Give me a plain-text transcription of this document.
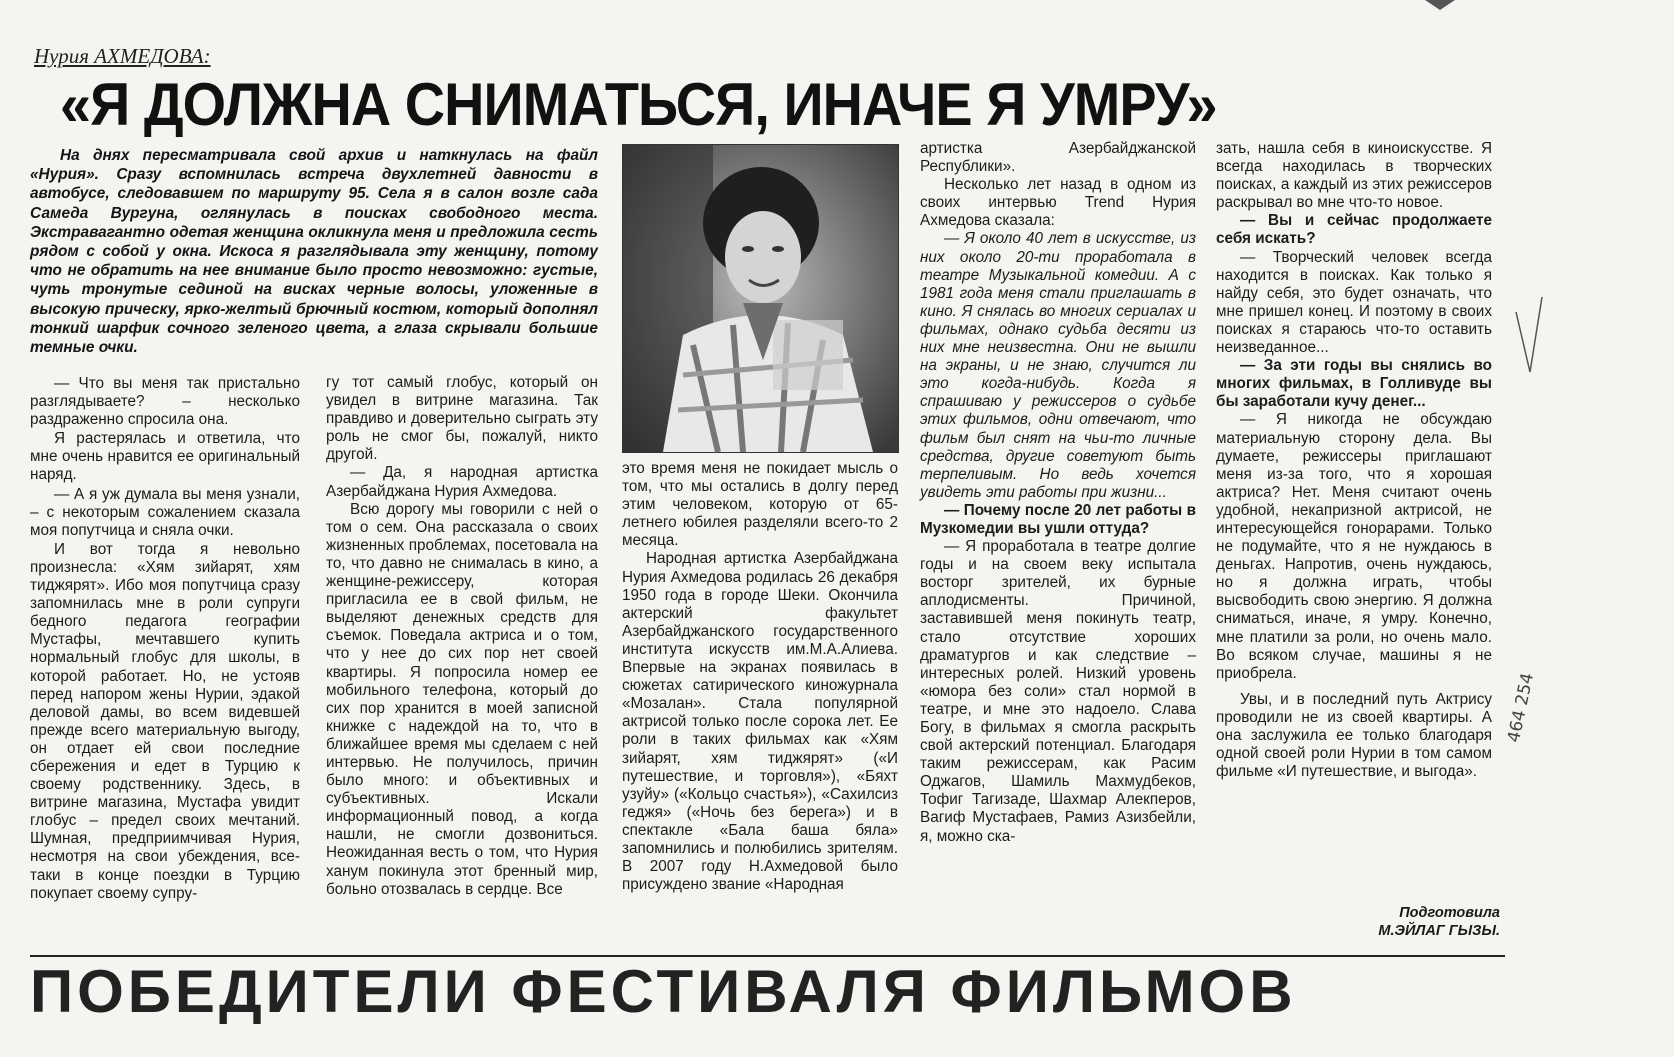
Нурия АХМЕДОВА:
«Я ДОЛЖНА СНИМАТЬСЯ, ИНАЧЕ Я УМРУ»

На днях пересматривала свой архив и наткнулась на файл «Нурия». Сразу вспомнилась встреча двухлетней давности в автобусе, следовавшем по маршруту 95. Села я в салон возле сада Самеда Вургуна, оглянулась в поисках свободного места. Экстравагантно одетая женщина окликнула меня и предложила сесть рядом с собой у окна. Искоса я разглядывала эту женщину, потому что не обратить на нее внимание было просто невозможно: густые, чуть тронутые сединой на висках черные волосы, уложенные в высокую прическу, ярко-желтый брючный костюм, который дополнял тонкий шарфик сочного зеленого цвета, а глаза скрывали большие темные очки.

— Что вы меня так пристально разглядываете? – несколько раздраженно спросила она.

Я растерялась и ответила, что мне очень нравится ее оригинальный наряд.

— А я уж думала вы меня узнали, – с некоторым сожалением сказала моя попутчица и сняла очки.

И вот тогда я невольно произнесла: «Хям зийарят, хям тиджярят». Ибо моя попутчица сразу запомнилась мне в роли супруги бедного педагога географии Мустафы, мечтавшего купить нормальный глобус для школы, в которой работает. Но, не устояв перед напором жены Нурии, эдакой деловой дамы, во всем видевшей прежде всего материальную выгоду, он отдает ей свои последние сбережения и едет в Турцию к своему родственнику. Здесь, в витрине магазина, Мустафа увидит глобус – предел своих мечтаний. Шумная, предприимчивая Нурия, несмотря на свои убеждения, все-таки в конце поездки в Турцию покупает своему супру-

гу тот самый глобус, который он увидел в витрине магазина. Так правдиво и доверительно сыграть эту роль не смог бы, пожалуй, никто другой.

— Да, я народная артистка Азербайджана Нурия Ахмедова.

Всю дорогу мы говорили с ней о том о сем. Она рассказала о своих жизненных проблемах, посетовала на то, что давно не снималась в кино, а женщине-режиссеру, которая пригласила ее в свой фильм, не выделяют денежных средств для съемок. Поведала актриса и о том, что у нее до сих пор нет своей квартиры. Я попросила номер ее мобильного телефона, который до сих пор хранится в моей записной книжке с надеждой на то, что в ближайшее время мы сделаем с ней интервью. Не получилось, причин было много: и объективных и субъективных. Искали информационный повод, а когда нашли, не смогли дозвониться. Неожиданная весть о том, что Нурия ханум покинула этот бренный мир, больно отозвалась в сердце. Все

это время меня не покидает мысль о том, что мы остались в долгу перед этим человеком, которую от 65-летнего юбилея разделяли всего-то 2 месяца.

Народная артистка Азербайджана Нурия Ахмедова родилась 26 декабря 1950 года в городе Шеки. Окончила актерский факультет Азербайджанского государственного института искусств им.М.А.Алиева. Впервые на экранах появилась в сюжетах сатирического киножурнала «Мозалан». Стала популярной актрисой только после сорока лет. Ее роли в таких фильмах как «Хям зийарят, хям тиджярят» («И путешествие, и торговля»), «Бяхт узуйу» («Кольцо счастья»), «Сахилсиз геджя» («Ночь без берега») и в спектакле «Бала баша бяла» запомнились и полюбились зрителям. В 2007 году Н.Ахмедовой было присуждено звание «Народная

артистка Азербайджанской Республики».

Несколько лет назад в одном из своих интервью Trend Нурия Ахмедова сказала:

— Я около 40 лет в искусстве, из них около 20-ти проработала в театре Музыкальной комедии. А с 1981 года меня стали приглашать в кино. Я снялась во многих сериалах и фильмах, однако судьба десяти из них мне неизвестна. Они не вышли на экраны, и не знаю, случится ли это когда-нибудь. Когда я спрашиваю у режиссеров о судьбе этих фильмов, одни отвечают, что фильм был снят на чьи-то личные средства, другие советуют быть терпеливым. Но ведь хочется увидеть эти работы при жизни...

— Почему после 20 лет работы в Музкомедии вы ушли оттуда?

— Я проработала в театре долгие годы и на своем веку испытала восторг зрителей, их бурные аплодисменты. Причиной, заставившей меня покинуть театр, стало отсутствие хороших драматургов и как следствие – интересных ролей. Низкий уровень «юмора без соли» стал нормой в театре, и мне это надоело. Слава Богу, в фильмах я смогла раскрыть свой актерский потенциал. Благодаря таким режиссерам, как Расим Оджагов, Шамиль Махмудбеков, Тофиг Тагизаде, Шахмар Алекперов, Вагиф Мустафаев, Рамиз Азизбейли, я, можно ска-

зать, нашла себя в киноискусстве. Я всегда находилась в творческих поисках, а каждый из этих режиссеров раскрывал во мне что-то новое.

— Вы и сейчас продолжаете себя искать?

— Творческий человек всегда находится в поисках. Как только я найду себя, это будет означать, что мне пришел конец. И поэтому в своих поисках я стараюсь что-то оставить неизведанное...

— За эти годы вы снялись во многих фильмах, в Голливуде вы бы заработали кучу денег...

— Я никогда не обсуждаю материальную сторону дела. Вы думаете, режиссеры приглашают меня из-за того, что я хорошая актриса? Нет. Меня считают очень удобной, некапризной актрисой, не интересующейся гонорарами. Только не подумайте, что я не нуждаюсь в деньгах. Напротив, очень нуждаюсь, но я должна играть, чтобы высвободить свою энергию. Я должна сниматься, иначе, я умру. Конечно, мне платили за роли, но очень мало. Во всяком случае, машины я не приобрела.

Увы, и в последний путь Актрису проводили не из своей квартиры. А она заслужила ее только благодаря одной своей роли Нурии в том самом фильме «И путешествие, и выгода».

Подготовила
М.ЭЙЛАГ ГЫЗЫ.
464 254
ПОБЕДИТЕЛИ ФЕСТИВАЛЯ ФИЛЬМОВ
